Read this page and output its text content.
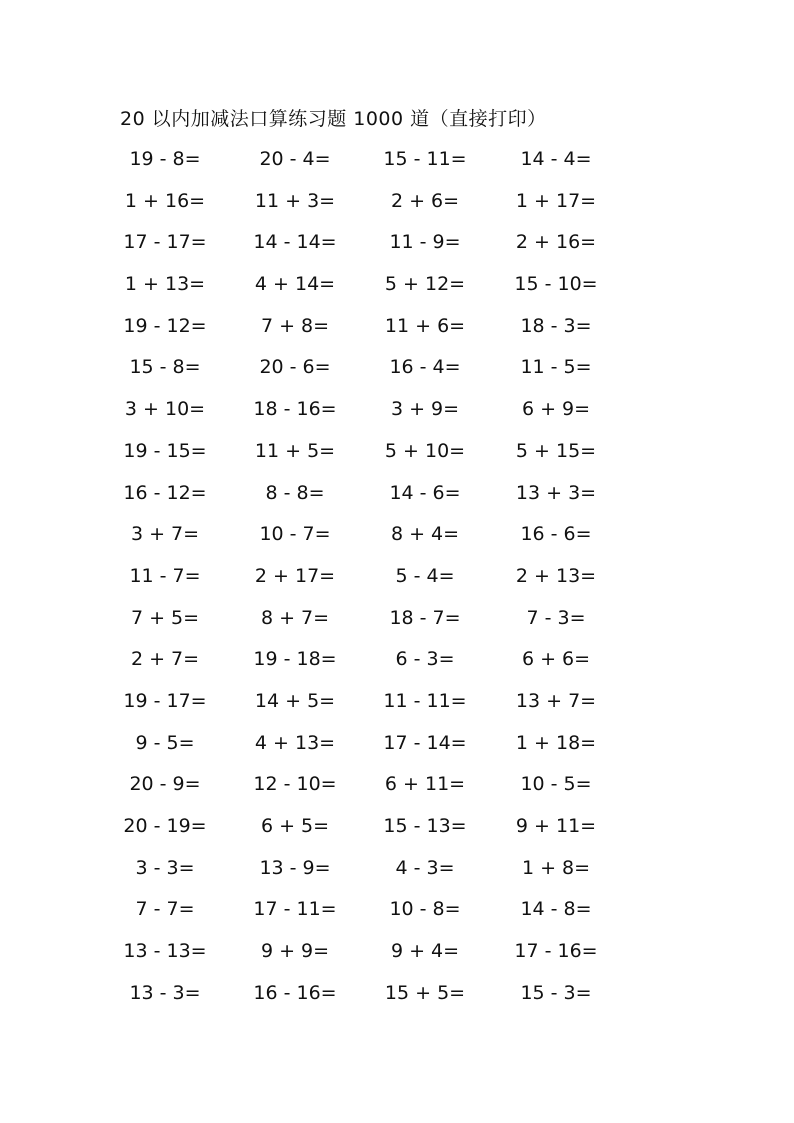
20 以内加减法口算练习题 1000 道（直接打印）
19 - 8=	20 - 4=	15 - 11=	14 - 4=
1 + 16=	11 + 3=	2 + 6=	1 + 17=
17 - 17=	14 - 14=	11 - 9=	2 + 16=
1 + 13=	4 + 14=	5 + 12=	15 - 10=
19 - 12=	7 + 8=	11 + 6=	18 - 3=
15 - 8=	20 - 6=	16 - 4=	11 - 5=
3 + 10=	18 - 16=	3 + 9=	6 + 9=
19 - 15=	11 + 5=	5 + 10=	5 + 15=
16 - 12=	8 - 8=	14 - 6=	13 + 3=
3 + 7=	10 - 7=	8 + 4=	16 - 6=
11 - 7=	2 + 17=	5 - 4=	2 + 13=
7 + 5=	8 + 7=	18 - 7=	7 - 3=
2 + 7=	19 - 18=	6 - 3=	6 + 6=
19 - 17=	14 + 5=	11 - 11=	13 + 7=
9 - 5=	4 + 13=	17 - 14=	1 + 18=
20 - 9=	12 - 10=	6 + 11=	10 - 5=
20 - 19=	6 + 5=	15 - 13=	9 + 11=
3 - 3=	13 - 9=	4 - 3=	1 + 8=
7 - 7=	17 - 11=	10 - 8=	14 - 8=
13 - 13=	9 + 9=	9 + 4=	17 - 16=
13 - 3=	16 - 16=	15 + 5=	15 - 3=
